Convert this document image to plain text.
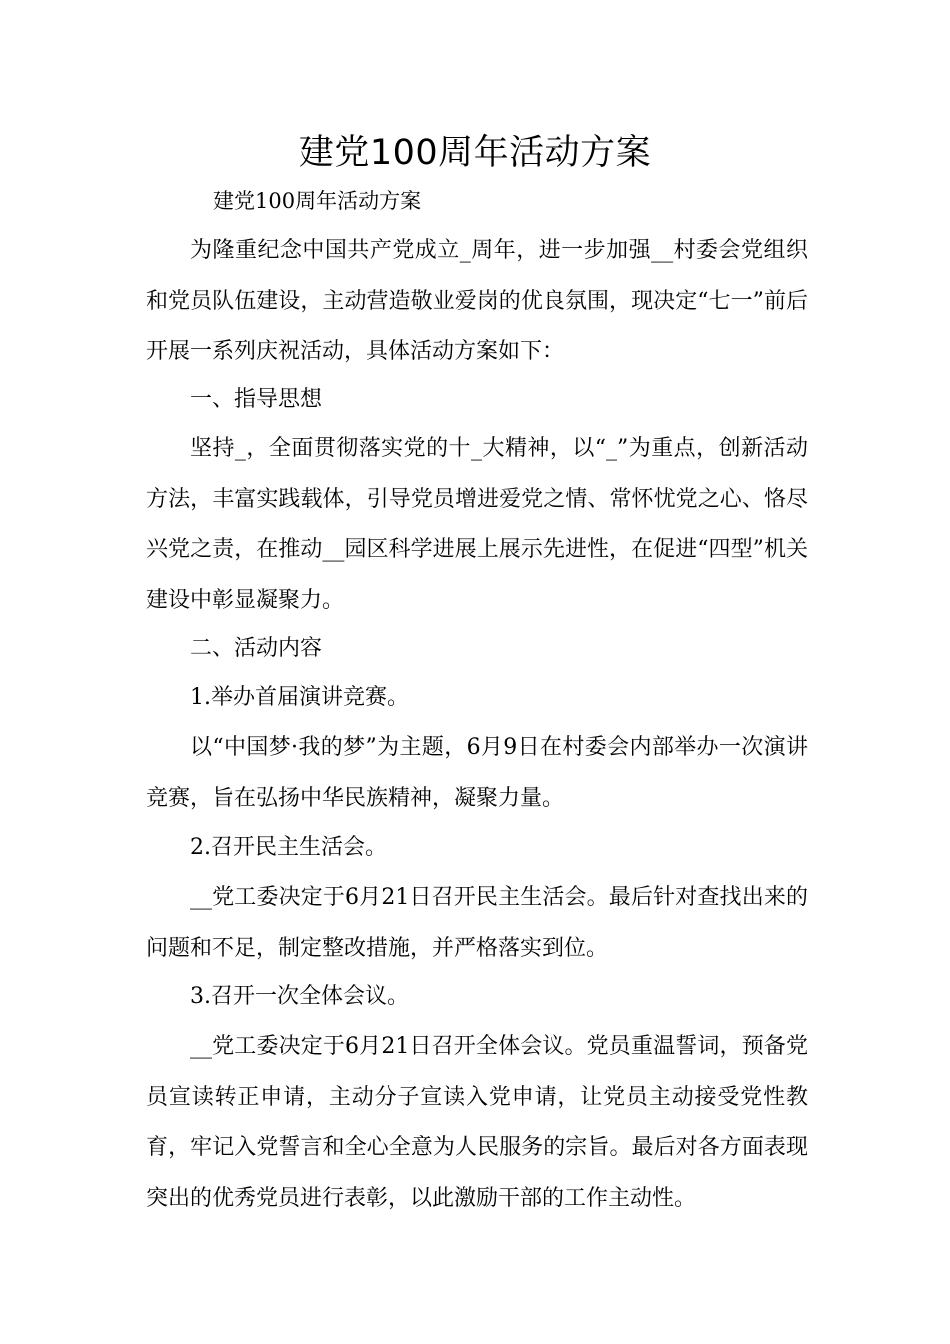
建党100周年活动方案

建党100周年活动方案

为隆重纪念中国共产党成立_周年，进一步加强__村委会党组织和党员队伍建设，主动营造敬业爱岗的优良氛围，现决定“七一”前后开展一系列庆祝活动，具体活动方案如下：

一、指导思想

坚持_，全面贯彻落实党的十_大精神，以“_”为重点，创新活动方法，丰富实践载体，引导党员增进爱党之情、常怀忧党之心、恪尽兴党之责，在推动__园区科学进展上展示先进性，在促进“四型”机关建设中彰显凝聚力。

二、活动内容

1.举办首届演讲竞赛。

以“中国梦·我的梦”为主题，6月9日在村委会内部举办一次演讲竞赛，旨在弘扬中华民族精神，凝聚力量。

2.召开民主生活会。

__党工委决定于6月21日召开民主生活会。最后针对查找出来的问题和不足，制定整改措施，并严格落实到位。

3.召开一次全体会议。

__党工委决定于6月21日召开全体会议。党员重温誓词，预备党员宣读转正申请，主动分子宣读入党申请，让党员主动接受党性教育，牢记入党誓言和全心全意为人民服务的宗旨。最后对各方面表现突出的优秀党员进行表彰，以此激励干部的工作主动性。
